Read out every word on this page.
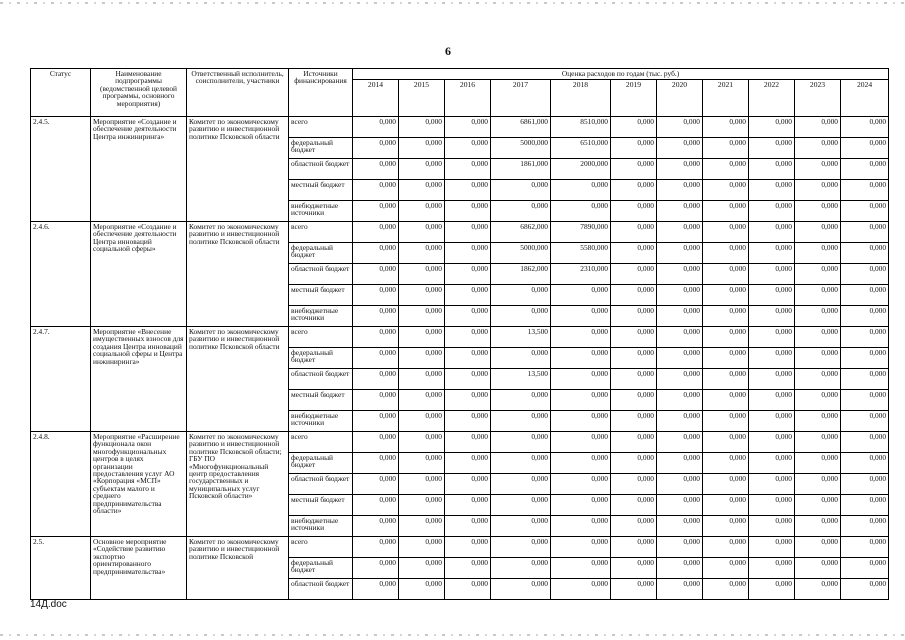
6
Статус	Наименование подпрограммы (ведомственной целевой программы, основного мероприятия)	Ответственный исполнитель, соисполнители, участники	Источники финансирования	Оценка расходов по годам (тыс. руб.)										
				2014	2015	2016	2017	2018	2019	2020	2021	2022	2023	2024
2.4.5.	Мероприятие «Создание и обеспечение деятельности Центра инжиниринга»	Комитет по экономическому развитию и инвестиционной политике Псковской области	всего	0,000	0,000	0,000	6861,000	8510,000	0,000	0,000	0,000	0,000	0,000	0,000
			федеральный бюджет	0,000	0,000	0,000	5000,000	6510,000	0,000	0,000	0,000	0,000	0,000	0,000
			областной бюджет	0,000	0,000	0,000	1861,000	2000,000	0,000	0,000	0,000	0,000	0,000	0,000
			местный бюджет	0,000	0,000	0,000	0,000	0,000	0,000	0,000	0,000	0,000	0,000	0,000
			внебюджетные источники	0,000	0,000	0,000	0,000	0,000	0,000	0,000	0,000	0,000	0,000	0,000
2.4.6.	Мероприятие «Создание и обеспечение деятельности Центра инноваций социальной сферы»	Комитет по экономическому развитию и инвестиционной политике Псковской области	всего	0,000	0,000	0,000	6862,000	7890,000	0,000	0,000	0,000	0,000	0,000	0,000
			федеральный бюджет	0,000	0,000	0,000	5000,000	5580,000	0,000	0,000	0,000	0,000	0,000	0,000
			областной бюджет	0,000	0,000	0,000	1862,000	2310,000	0,000	0,000	0,000	0,000	0,000	0,000
			местный бюджет	0,000	0,000	0,000	0,000	0,000	0,000	0,000	0,000	0,000	0,000	0,000
			внебюджетные источники	0,000	0,000	0,000	0,000	0,000	0,000	0,000	0,000	0,000	0,000	0,000
2.4.7.	Мероприятие «Внесение имущественных взносов для создания Центра инноваций социальной сферы и Центра инжиниринга»	Комитет по экономическому развитию и инвестиционной политике Псковской области	всего	0,000	0,000	0,000	13,500	0,000	0,000	0,000	0,000	0,000	0,000	0,000
			федеральный бюджет	0,000	0,000	0,000	0,000	0,000	0,000	0,000	0,000	0,000	0,000	0,000
			областной бюджет	0,000	0,000	0,000	13,500	0,000	0,000	0,000	0,000	0,000	0,000	0,000
			местный бюджет	0,000	0,000	0,000	0,000	0,000	0,000	0,000	0,000	0,000	0,000	0,000
			внебюджетные источники	0,000	0,000	0,000	0,000	0,000	0,000	0,000	0,000	0,000	0,000	0,000
2.4.8.	Мероприятие «Расширение функционала окон многофункциональных центров в целях организации предоставления услуг АО «Корпорация «МСП» субъектам малого и среднего предпринимательства области»	Комитет по экономическому развитию и инвестиционной политике Псковской области; ГБУ ПО «Многофункциональный центр предоставления государственных и муниципальных услуг Псковской области»	всего	0,000	0,000	0,000	0,000	0,000	0,000	0,000	0,000	0,000	0,000	0,000
			федеральный бюджет	0,000	0,000	0,000	0,000	0,000	0,000	0,000	0,000	0,000	0,000	0,000
			областной бюджет	0,000	0,000	0,000	0,000	0,000	0,000	0,000	0,000	0,000	0,000	0,000
			местный бюджет	0,000	0,000	0,000	0,000	0,000	0,000	0,000	0,000	0,000	0,000	0,000
			внебюджетные источники	0,000	0,000	0,000	0,000	0,000	0,000	0,000	0,000	0,000	0,000	0,000
2.5.	Основное мероприятие «Содействие развитию экспортно ориентированного предпринимательства»	Комитет по экономическому развитию и инвестиционной политике Псковской	всего	0,000	0,000	0,000	0,000	0,000	0,000	0,000	0,000	0,000	0,000	0,000
			федеральный бюджет	0,000	0,000	0,000	0,000	0,000	0,000	0,000	0,000	0,000	0,000	0,000
			областной бюджет	0,000	0,000	0,000	0,000	0,000	0,000	0,000	0,000	0,000	0,000	0,000
14Д.doc
